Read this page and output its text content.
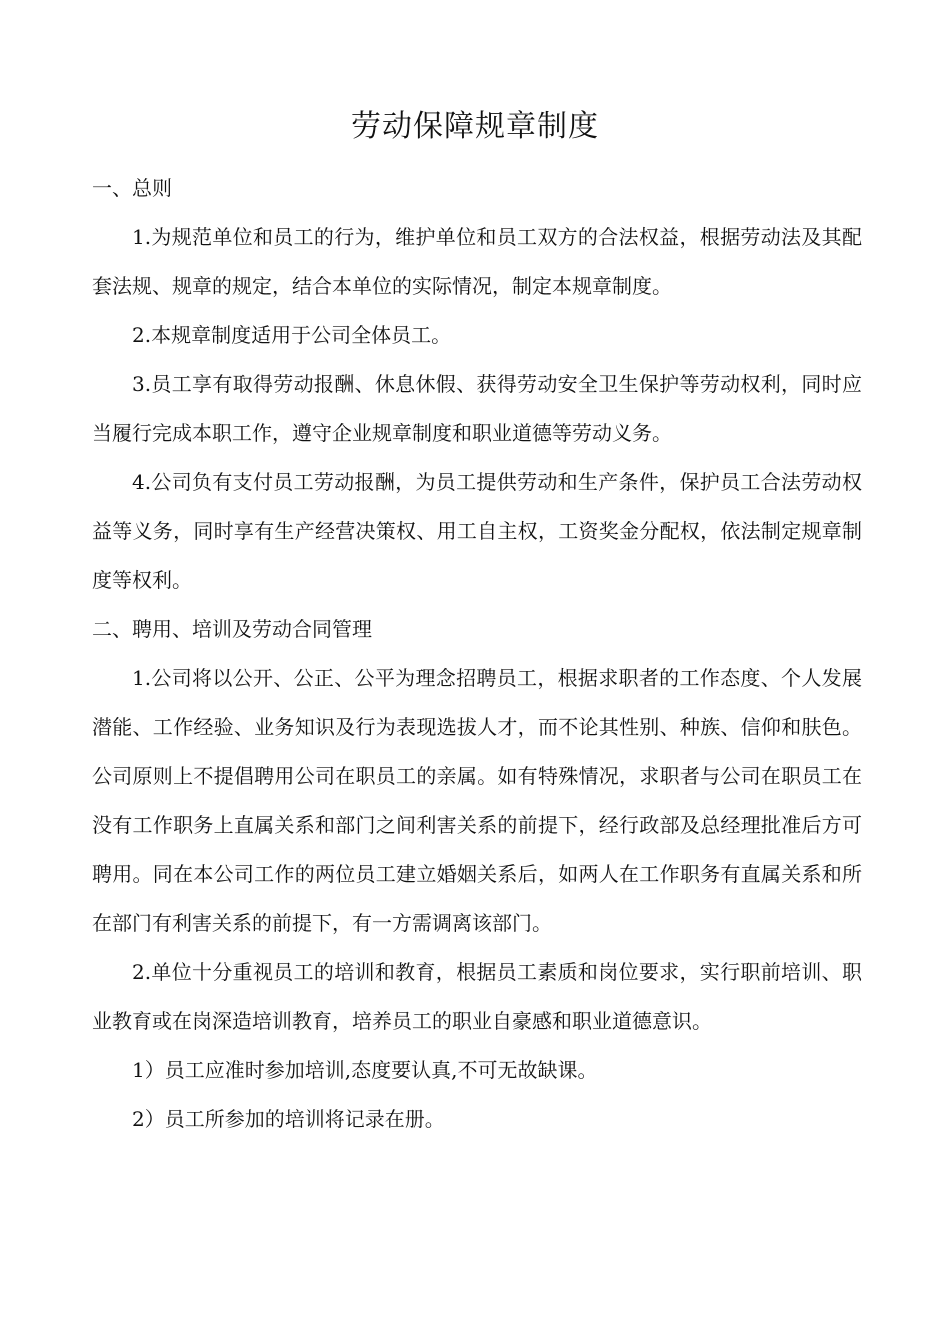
劳动保障规章制度
一、总则

1.为规范单位和员工的行为，维护单位和员工双方的合法权益，根据劳动法及其配套法规、规章的规定，结合本单位的实际情况，制定本规章制度。

2.本规章制度适用于公司全体员工。

3.员工享有取得劳动报酬、休息休假、获得劳动安全卫生保护等劳动权利，同时应当履行完成本职工作，遵守企业规章制度和职业道德等劳动义务。

4.公司负有支付员工劳动报酬，为员工提供劳动和生产条件，保护员工合法劳动权益等义务，同时享有生产经营决策权、用工自主权，工资奖金分配权，依法制定规章制度等权利。

二、聘用、培训及劳动合同管理

1.公司将以公开、公正、公平为理念招聘员工，根据求职者的工作态度、个人发展潜能、工作经验、业务知识及行为表现选拔人才，而不论其性别、种族、信仰和肤色。公司原则上不提倡聘用公司在职员工的亲属。如有特殊情况，求职者与公司在职员工在没有工作职务上直属关系和部门之间利害关系的前提下，经行政部及总经理批准后方可聘用。同在本公司工作的两位员工建立婚姻关系后，如两人在工作职务有直属关系和所在部门有利害关系的前提下，有一方需调离该部门。

2.单位十分重视员工的培训和教育，根据员工素质和岗位要求，实行职前培训、职业教育或在岗深造培训教育，培养员工的职业自豪感和职业道德意识。

1）员工应准时参加培训,态度要认真,不可无故缺课。

2）员工所参加的培训将记录在册。
